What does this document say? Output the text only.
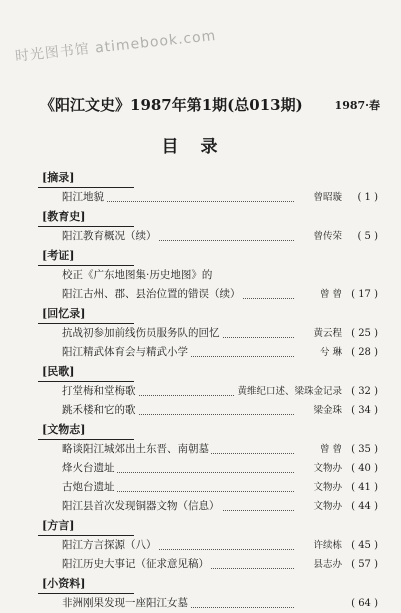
时光图书馆 atimebook.com
《阳江文史》1987年第1期(总013期)	1987·春
目录
[摘录]
阳江地貌	曾昭璇 ( 1 )
[教育史]
阳江教育概况（续）	曾传荣 ( 5 )
[考证]
校正《广东地图集·历史地图》的
阳江古州、郡、县治位置的错误（续）	曾 曾 ( 17 )
[回忆录]
抗战初参加前线伤员服务队的回忆	黄云程 ( 25 )
阳江精武体育会与精武小学	兮 琳 ( 28 )
[民歌]
打堂梅和堂梅歌	黄维纪口述、梁珠金记录 ( 32 )
跳禾楼和它的歌	梁金珠 ( 34 )
[文物志]
略谈阳江城郊出土东晋、南朝墓	曾 曾 ( 35 )
烽火台遗址	文物办 ( 40 )
古炮台遗址	文物办 ( 41 )
阳江县首次发现铜器文物（信息）	文物办 ( 44 )
[方言]
阳江方言探源（八）	许续栋 ( 45 )
阳江历史大事记（征求意见稿）	县志办 ( 57 )
[小资料]
非洲刚果发现一座阳江女墓	( 64 )
